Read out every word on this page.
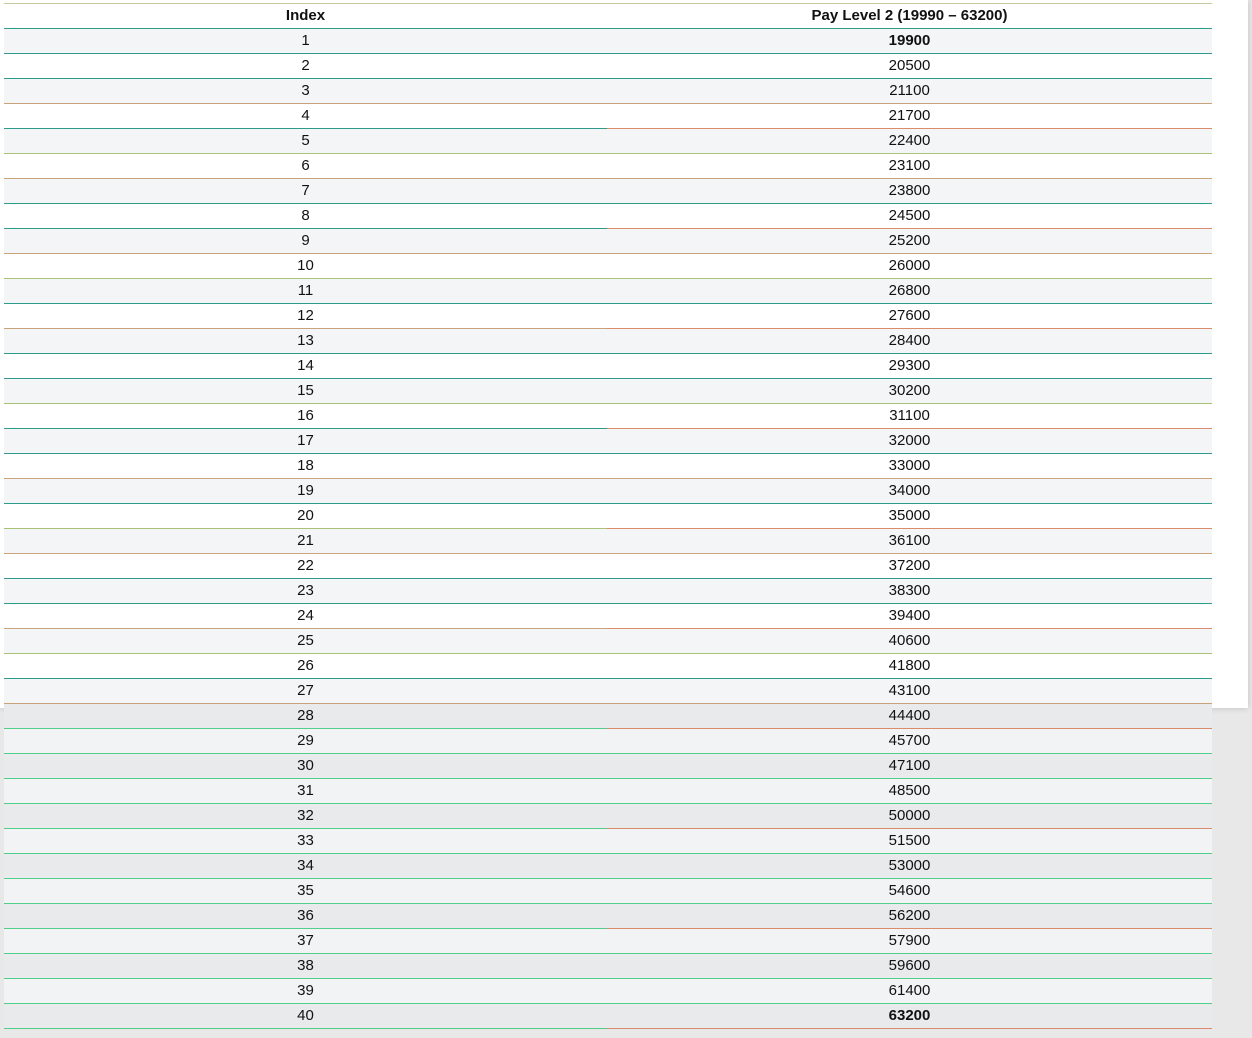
Index	Pay Level 2 (19990 – 63200)
1	19900
2	20500
3	21100
4	21700
5	22400
6	23100
7	23800
8	24500
9	25200
10	26000
11	26800
12	27600
13	28400
14	29300
15	30200
16	31100
17	32000
18	33000
19	34000
20	35000
21	36100
22	37200
23	38300
24	39400
25	40600
26	41800
27	43100
28	44400
29	45700
30	47100
31	48500
32	50000
33	51500
34	53000
35	54600
36	56200
37	57900
38	59600
39	61400
40	63200
